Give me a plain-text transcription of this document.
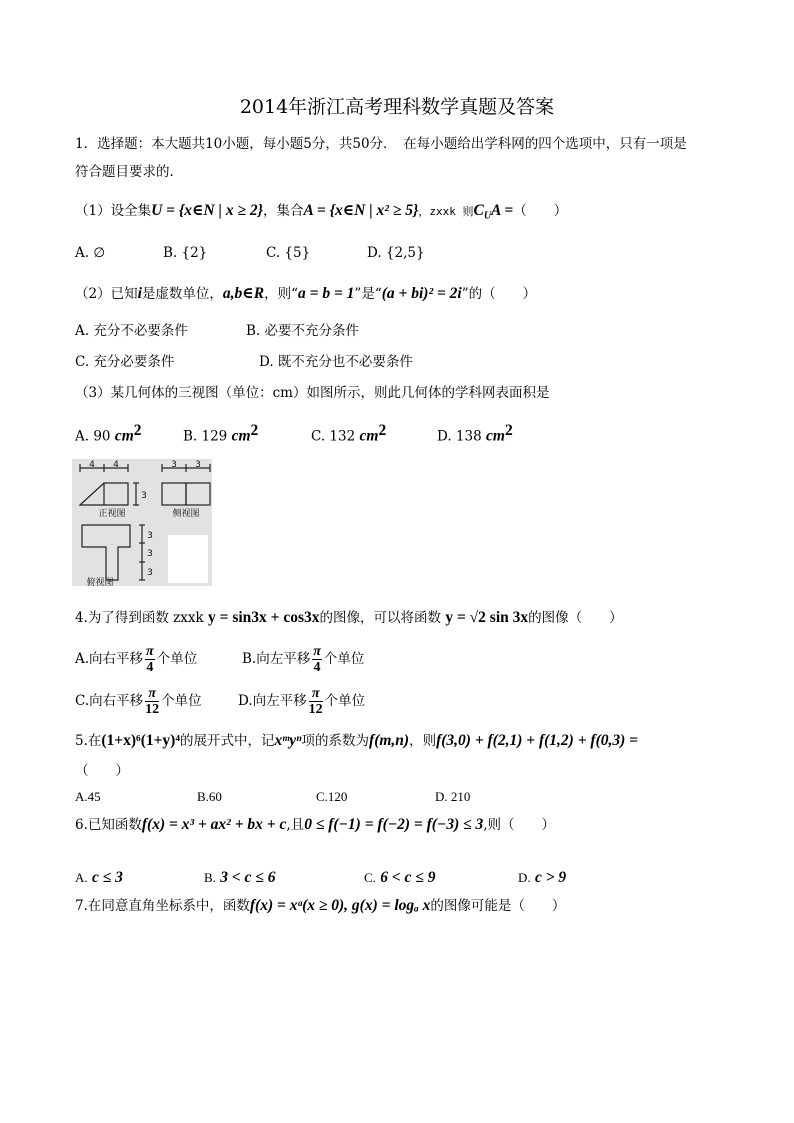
2014年浙江高考理科数学真题及答案
1．选择题：本大题共10小题，每小题5分，共50分．　在每小题给出学科网的四个选项中，只有一项是
符合题目要求的.
（1）设全集U = {x∈N | x ≥ 2}，集合A = {x∈N | x² ≥ 5}，zxxk 则$C_UA$ =（　　）
A. ∅	B. {2}	C. {5}	D. {2,5}
（2）已知i是虚数单位，a,b∈R，则“a = b = 1”是“(a + bi)² = 2i”的（　　）
A. 充分不必要条件	B. 必要不充分条件
C. 充分必要条件	D. 既不充分也不必要条件
（3）某几何体的三视图（单位：cm）如图所示，则此几何体的学科网表面积是
A. 90 $cm^2$	B. 129 $cm^2$	C. 132 $cm^2$	D. 138 $cm^2$
4 4
3
3 3
3
3
3
正视图	侧视图
俯视图
4.为了得到函数 zxxk y = sin3x + cos3x的图像，可以将函数 y = √2 sin 3x的图像（　　）
A.向右平移 $\frac{\pi}{4}$ 个单位	B.向左平移 $\frac{\pi}{4}$ 个单位
C.向右平移 $\frac{\pi}{12}$ 个单位	D.向左平移 $\frac{\pi}{12}$ 个单位
5.在(1+x)⁶(1+y)⁴的展开式中，记xᵐyⁿ项的系数为f(m,n)，则f(3,0) + f(2,1) + f(1,2) + f(0,3) =
（　　）
A.45	B.60	C.120	D. 210
6.已知函数f(x) = x³ + ax² + bx + c,且0 ≤ f(−1) = f(−2) = f(−3) ≤ 3,则（　　）
A. c ≤ 3	B. 3 < c ≤ 6	C. 6 < c ≤ 9	D. c > 9
7.在同意直角坐标系中，函数f(x) = xᵃ(x ≥ 0), g(x) = logₐ x的图像可能是（　　）
